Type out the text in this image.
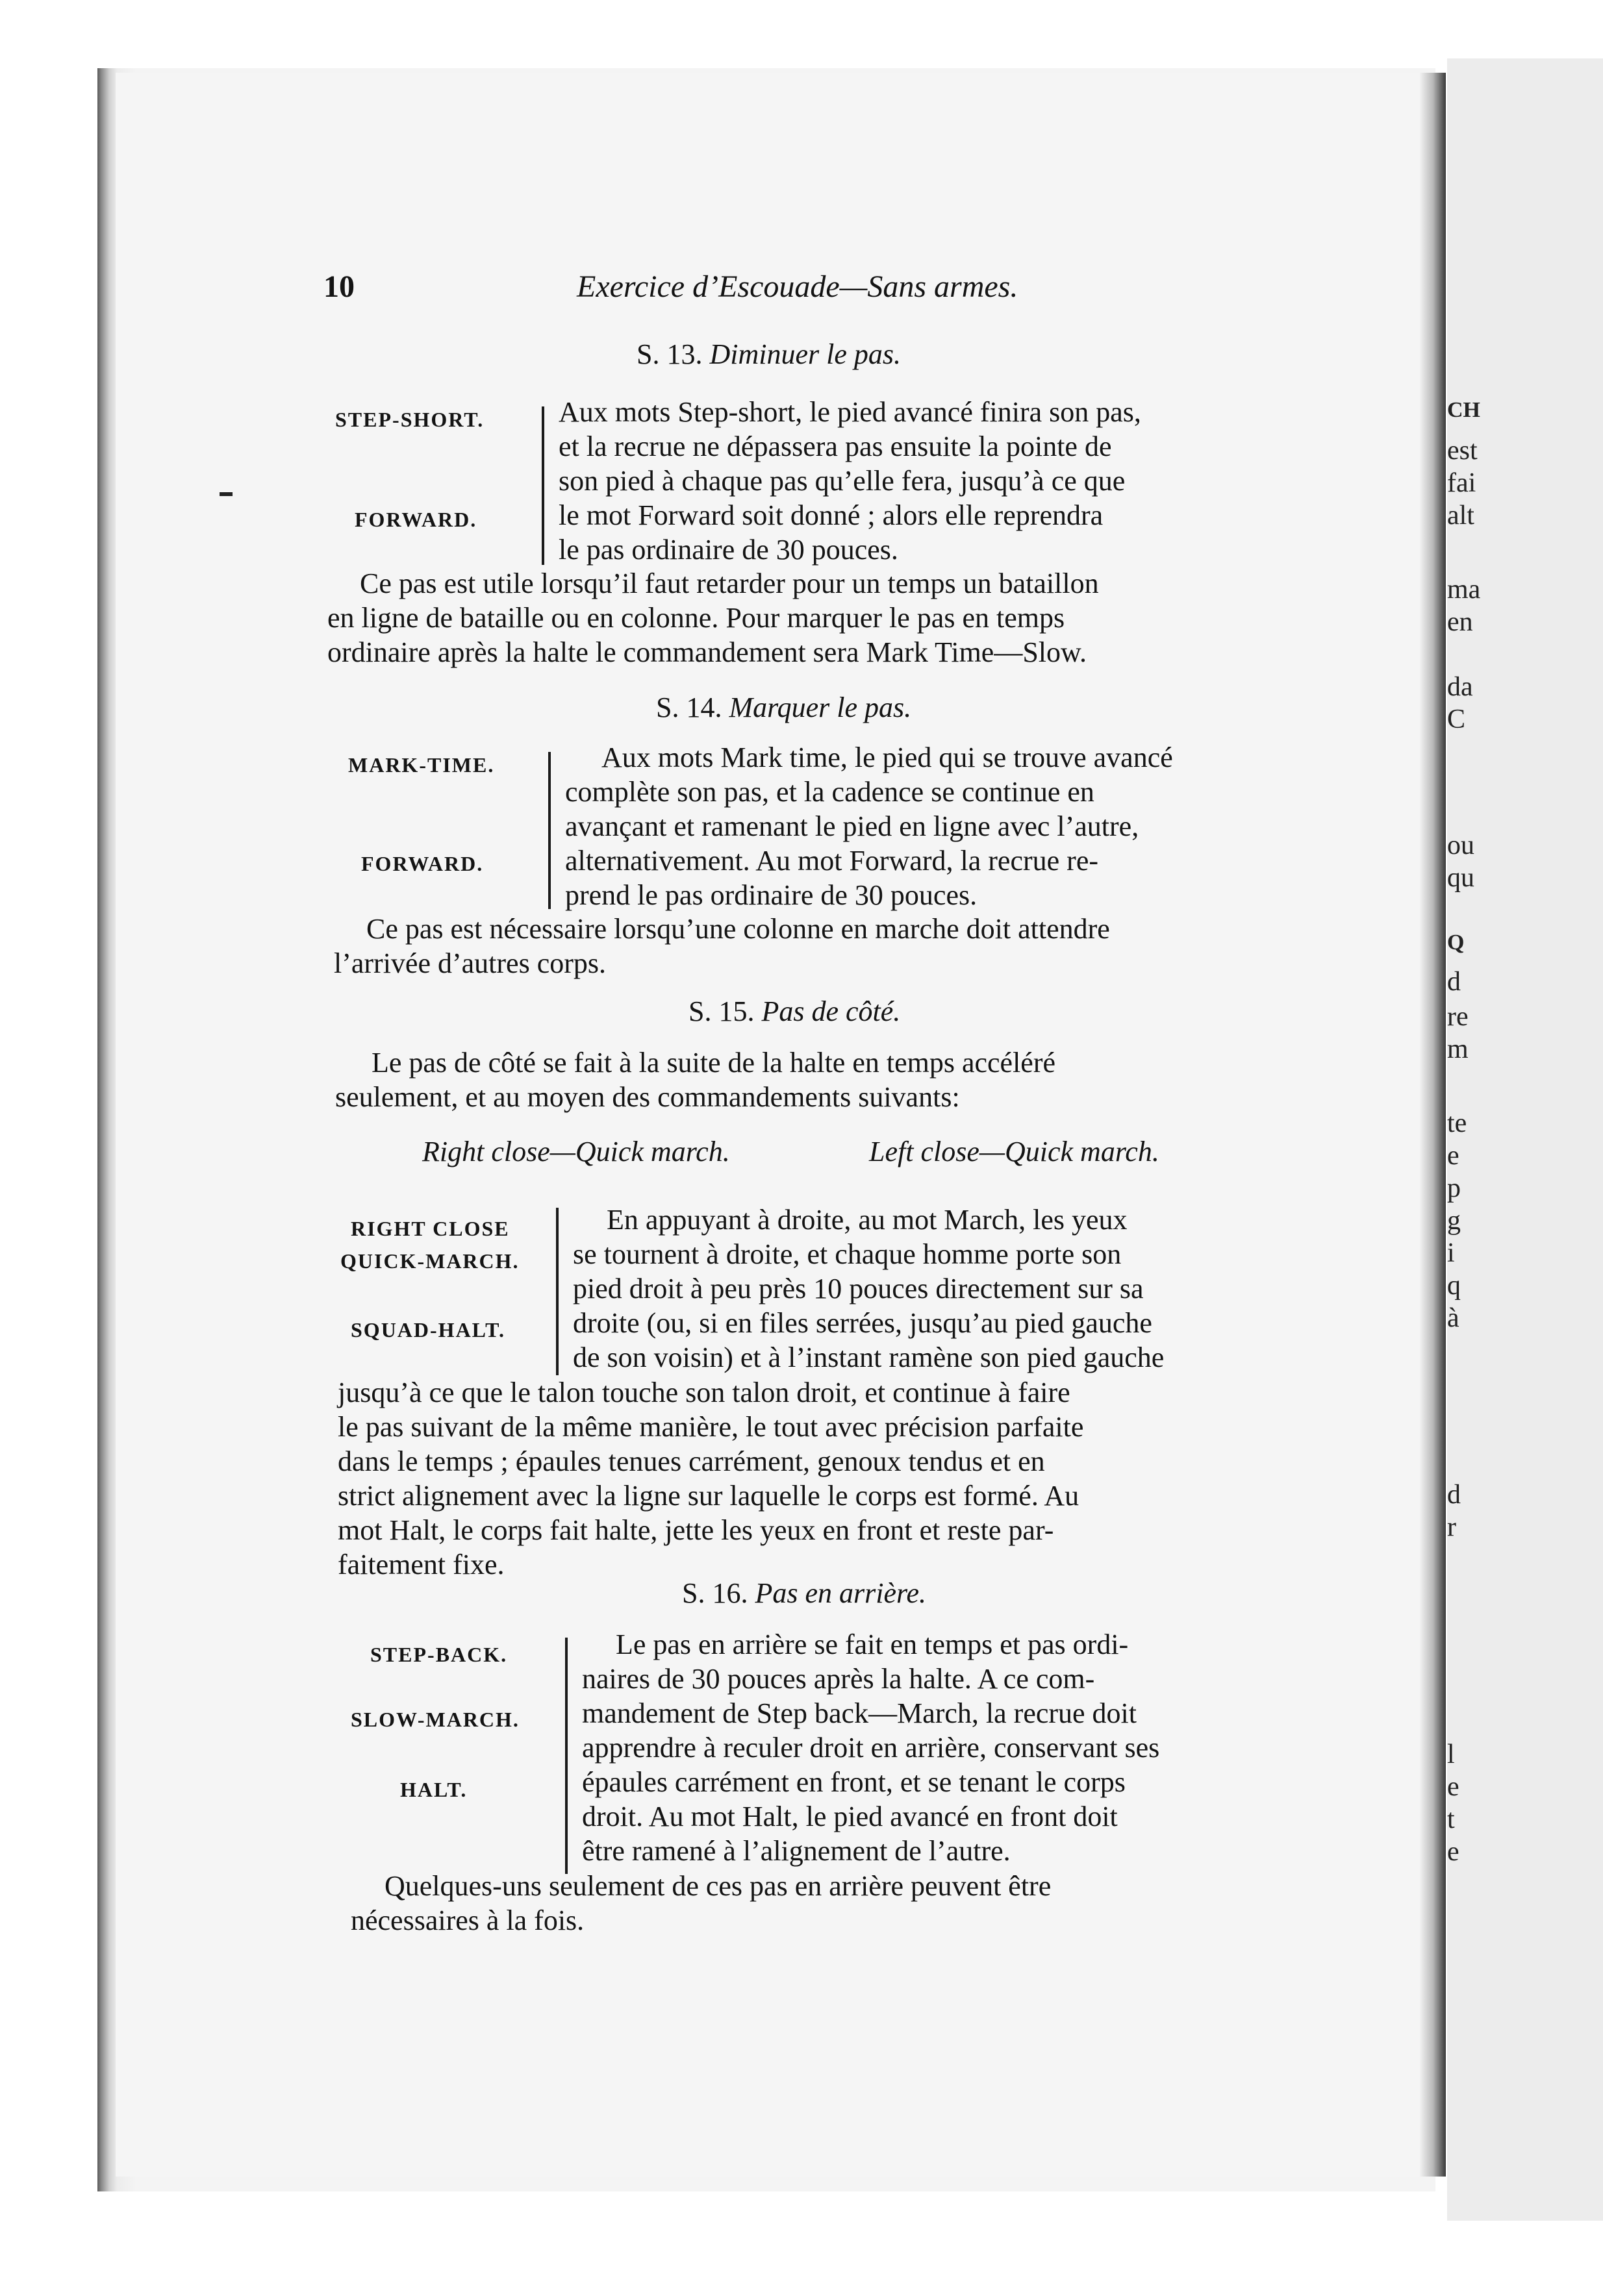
CH
est
fai
alt
ma
en
da
C
ou
qu
Q
d
re
m
te
e
p
g
i
q
à
d
r
l
e
t
e
10	Exercice d’Escouade—Sans armes.
S. 13. Diminuer le pas.
STEP-SHORT.
FORWARD.
Aux mots Step-short, le pied avancé finira son pas,
et la recrue ne dépassera pas ensuite la pointe de
son pied à chaque pas qu’elle fera, jusqu’à ce que
le mot Forward soit donné ; alors elle reprendra
le pas ordinaire de 30 pouces.
Ce pas est utile lorsqu’il faut retarder pour un temps un bataillon
en ligne de bataille ou en colonne. Pour marquer le pas en temps
ordinaire après la halte le commandement sera Mark Time—Slow.
S. 14. Marquer le pas.
MARK-TIME.
FORWARD.
Aux mots Mark time, le pied qui se trouve avancé
complète son pas, et la cadence se continue en
avançant et ramenant le pied en ligne avec l’autre,
alternativement. Au mot Forward, la recrue re-
prend le pas ordinaire de 30 pouces.
Ce pas est nécessaire lorsqu’une colonne en marche doit attendre
l’arrivée d’autres corps.
S. 15. Pas de côté.
Le pas de côté se fait à la suite de la halte en temps accéléré
seulement, et au moyen des commandements suivants:
Right close—Quick march.	Left close—Quick march.
RIGHT CLOSE
QUICK-MARCH.
SQUAD-HALT.
En appuyant à droite, au mot March, les yeux
se tournent à droite, et chaque homme porte son
pied droit à peu près 10 pouces directement sur sa
droite (ou, si en files serrées, jusqu’au pied gauche
de son voisin) et à l’instant ramène son pied gauche
jusqu’à ce que le talon touche son talon droit, et continue à faire
le pas suivant de la même manière, le tout avec précision parfaite
dans le temps ; épaules tenues carrément, genoux tendus et en
strict alignement avec la ligne sur laquelle le corps est formé. Au
mot Halt, le corps fait halte, jette les yeux en front et reste par-
faitement fixe.
S. 16. Pas en arrière.
STEP-BACK.
SLOW-MARCH.
HALT.
Le pas en arrière se fait en temps et pas ordi-
naires de 30 pouces après la halte. A ce com-
mandement de Step back—March, la recrue doit
apprendre à reculer droit en arrière, conservant ses
épaules carrément en front, et se tenant le corps
droit. Au mot Halt, le pied avancé en front doit
être ramené à l’alignement de l’autre.
Quelques-uns seulement de ces pas en arrière peuvent être
nécessaires à la fois.
